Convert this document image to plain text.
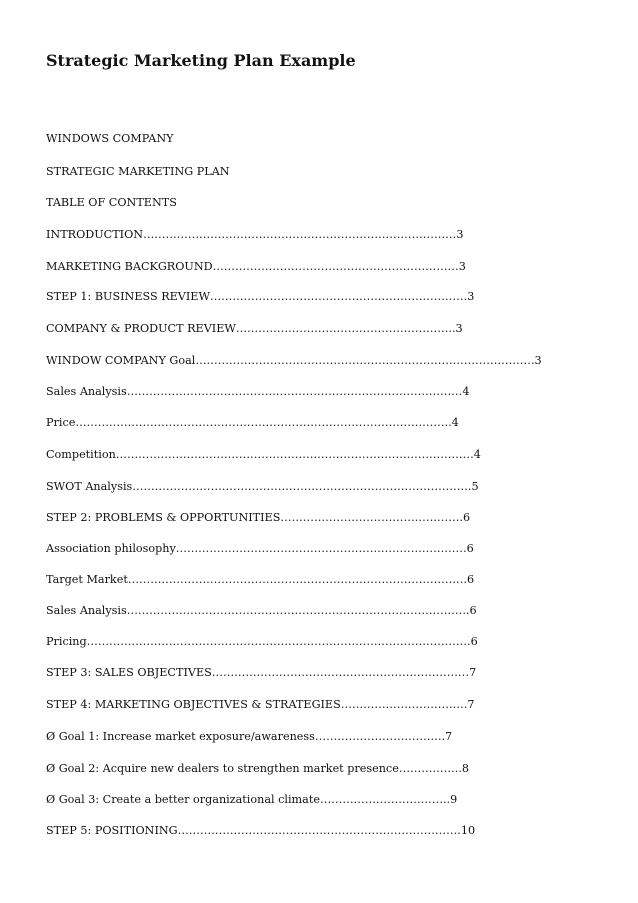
Strategic Marketing Plan Example
WINDOWS COMPANY
STRATEGIC MARKETING PLAN
TABLE OF CONTENTS
INTRODUCTION…………………………………………………………………………3
MARKETING BACKGROUND…………………………………………………………3
STEP 1: BUSINESS REVIEW……………………………………………………………3
COMPANY & PRODUCT REVIEW…………………………………………………..3
WINDOW COMPANY Goal……………………………………………………………………………….3
Sales Analysis………………………………………………………………………………4
Price………………………………………………………………………………………..4
Competition……………………………………………………………………………………4
SWOT Analysis……………………………………………………………………………….5
STEP 2: PROBLEMS & OPPORTUNITIES………………………………………….6
Association philosophy……………………………………………………………………6
Target Market……………………………………………………………………………….6
Sales Analysis………………………………………………………………………………..6
Pricing………………………………………………………………………………………….6
STEP 3: SALES OBJECTIVES……………………………………………………………7
STEP 4: MARKETING OBJECTIVES & STRATEGIES…………………………….7
Ø Goal 1: Increase market exposure/awareness……………………………..7
Ø Goal 2: Acquire new dealers to strengthen market presence……………..8
Ø Goal 3: Create a better organizational climate……………………………..9
STEP 5: POSITIONING………………………………………………………………….10
